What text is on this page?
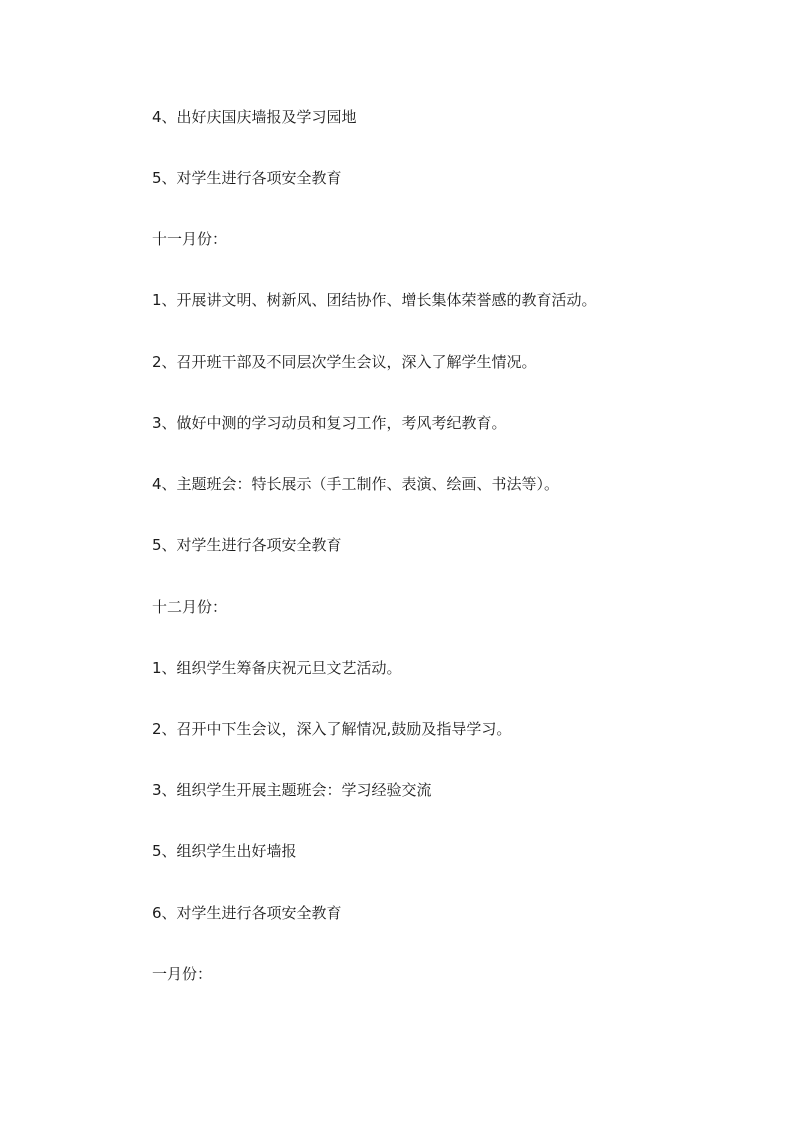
4、出好庆国庆墙报及学习园地
5、对学生进行各项安全教育
十一月份：
1、开展讲文明、树新风、团结协作、增长集体荣誉感的教育活动。
2、召开班干部及不同层次学生会议，深入了解学生情况。
3、做好中测的学习动员和复习工作，考风考纪教育。
4、主题班会：特长展示（手工制作、表演、绘画、书法等）。
5、对学生进行各项安全教育
十二月份：
1、组织学生筹备庆祝元旦文艺活动。
2、召开中下生会议，深入了解情况,鼓励及指导学习。
3、组织学生开展主题班会：学习经验交流
5、组织学生出好墙报
6、对学生进行各项安全教育
一月份：
